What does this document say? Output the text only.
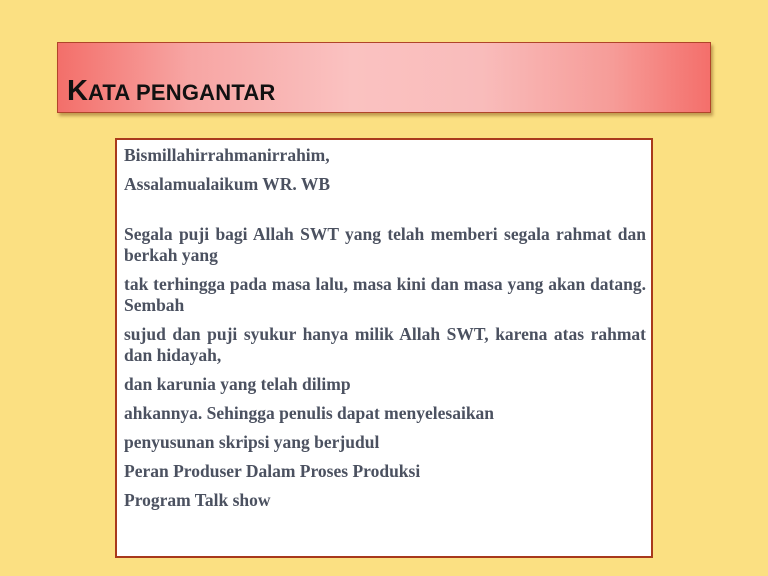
KATA PENGANTAR

Bismillahirrahmanirrahim,

Assalamualaikum WR. WB

Segala puji bagi Allah SWT yang telah memberi segala rahmat dan berkah yang

tak terhingga pada masa lalu, masa kini dan masa yang akan datang. Sembah

sujud dan puji syukur hanya milik Allah SWT, karena atas rahmat dan hidayah,

dan karunia yang telah dilimp

ahkannya. Sehingga penulis dapat menyelesaikan

penyusunan skripsi yang berjudul

Peran Produser Dalam Proses Produksi

Program Talk show
